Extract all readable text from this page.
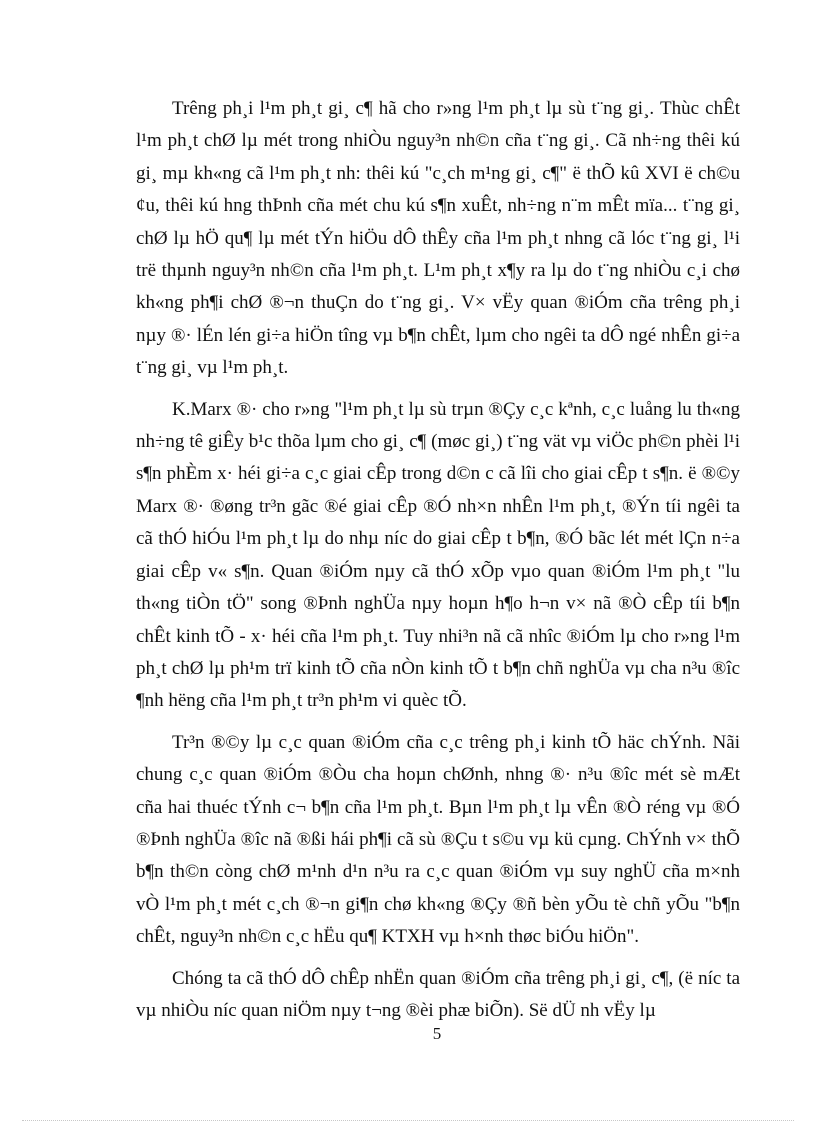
Trêng ph¸i l¹m ph¸t gi¸ c¶ hã cho r»ng l¹m ph¸t lµ sù t¨ng gi¸. Thùc chÊt l¹m ph¸t chØ lµ mét trong nhiÒu nguy³n nh©n cña t¨ng gi¸. Cã nh÷ng thêi kú gi¸ mµ kh«ng cã l¹m ph¸t nh: thêi kú "c¸ch m¹ng gi¸ c¶" ë thÕ kû XVI ë ch©u ¢u, thêi kú hng thÞnh cña mét chu kú s¶n xuÊt, nh÷ng n¨m mÊt mïa... t¨ng gi¸ chØ lµ hÖ qu¶ lµ mét tÝn hiÖu dÔ thÊy cña l¹m ph¸t nhng cã lóc t¨ng gi¸ l¹i trë thµnh nguy³n nh©n cña l¹m ph¸t. L¹m ph¸t x¶y ra lµ do t¨ng nhiÒu c¸i chø kh«ng ph¶i chØ ®¬n thuÇn do t¨ng gi¸. V× vËy quan ®iÓm cña trêng ph¸i nµy ®· lÉn lén gi÷a hiÖn tîng vµ b¶n chÊt, lµm cho ngêi ta dÔ ngé nhÊn gi÷a t¨ng gi¸ vµ l¹m ph¸t.

K.Marx ®· cho r»ng "l¹m ph¸t lµ sù trµn ®Çy c¸c kªnh, c¸c luång lu th«ng nh÷ng tê giÊy b¹c thõa lµm cho gi¸ c¶ (møc gi¸) t¨ng vät vµ viÖc ph©n phèi l¹i s¶n phÈm x· héi gi÷a c¸c giai cÊp trong d©n c cã lîi cho giai cÊp t s¶n. ë ®©y Marx ®· ®øng tr³n gãc ®é giai cÊp ®Ó nh×n nhÊn l¹m ph¸t, ®Ýn tíi ngêi ta cã thÓ hiÓu l¹m ph¸t lµ do nhµ níc do giai cÊp t b¶n, ®Ó bãc lét mét lÇn n÷a giai cÊp v« s¶n. Quan ®iÓm nµy cã thÓ xÕp vµo quan ®iÓm l¹m ph¸t "lu th«ng tiÒn tÖ" song ®Þnh nghÜa nµy hoµn h¶o h¬n v× nã ®Ò cÊp tíi b¶n chÊt kinh tÕ - x· héi cña l¹m ph¸t. Tuy nhi³n nã cã nhîc ®iÓm lµ cho r»ng l¹m ph¸t chØ lµ ph¹m trï kinh tÕ cña nÒn kinh tÕ t b¶n chñ nghÜa vµ cha n³u ®îc ¶nh hëng cña l¹m ph¸t tr³n ph¹m vi quèc tÕ.

Tr³n ®©y lµ c¸c quan ®iÓm cña c¸c trêng ph¸i kinh tÕ häc chÝnh. Nãi chung c¸c quan ®iÓm ®Òu cha hoµn chØnh, nhng ®· n³u ®îc mét sè mÆt cña hai thuéc tÝnh c¬ b¶n cña l¹m ph¸t. Bµn l¹m ph¸t lµ vÊn ®Ò réng vµ ®Ó ®Þnh nghÜa ®îc nã ®ßi hái ph¶i cã sù ®Çu t s©u vµ kü cµng. ChÝnh v× thÕ b¶n th©n còng chØ m¹nh d¹n n³u ra c¸c quan ®iÓm vµ suy nghÜ cña m×nh vÒ l¹m ph¸t mét c¸ch ®¬n gi¶n chø kh«ng ®Çy ®ñ bèn yÕu tè chñ yÕu "b¶n chÊt, nguy³n nh©n c¸c hËu qu¶ KTXH vµ h×nh thøc biÓu hiÖn".

Chóng ta cã thÓ dÔ chÊp nhËn quan ®iÓm cña trêng ph¸i gi¸ c¶, (ë níc ta vµ nhiÒu níc quan niÖm nµy t¬ng ®èi phæ biÕn). Së dÜ nh vËy lµ

5
